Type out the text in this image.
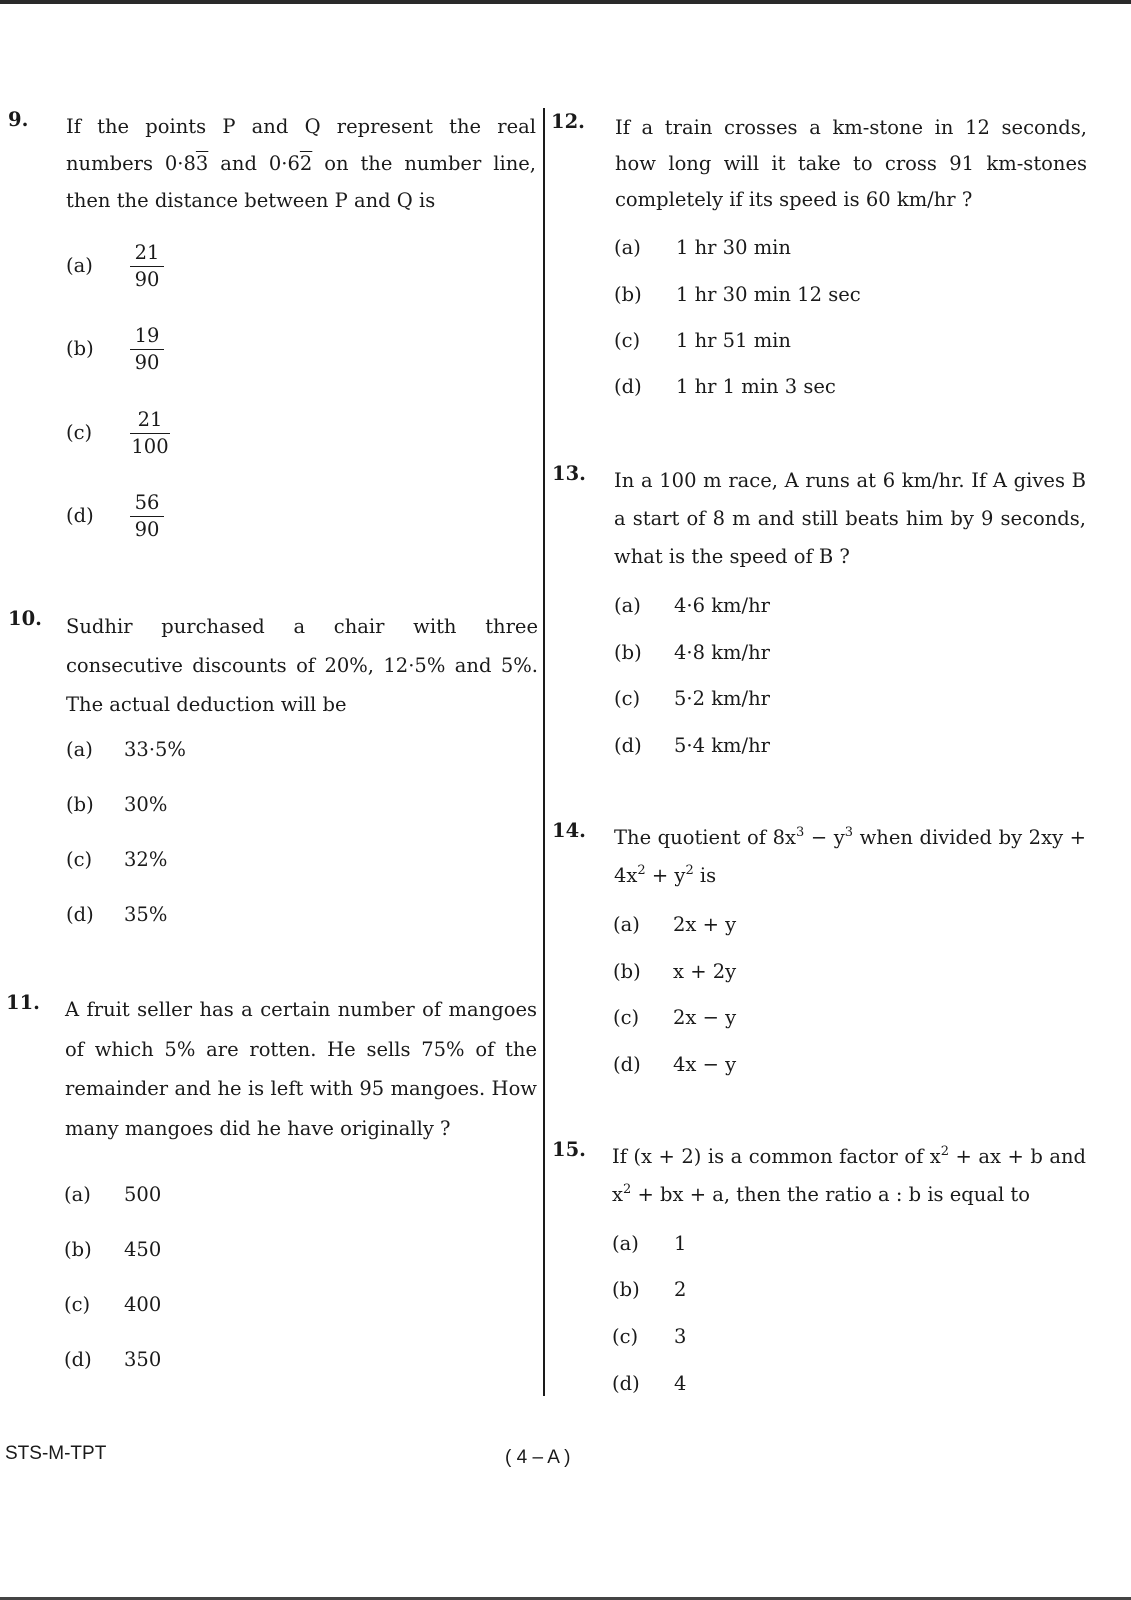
9. If the points P and Q represent the real numbers 0·83 and 0·62 on the number line, then the distance between P and Q is
$(a) \frac{21}{90}$
$(b) \frac{19}{90}$
$(c) \frac{21}{100}$
$(d) \frac{56}{90}$
10. Sudhir purchased a chair with three consecutive discounts of 20%, 12·5% and 5%. The actual deduction will be
(a) 33·5%
(b) 30%
(c) 32%
(d) 35%
11. A fruit seller has a certain number of mangoes of which 5% are rotten. He sells 75% of the remainder and he is left with 95 mangoes. How many mangoes did he have originally ?
(a) 500
(b) 450
(c) 400
(d) 350
12. If a train crosses a km-stone in 12 seconds, how long will it take to cross 91 km-stones completely if its speed is 60 km/hr ?
(a) 1 hr 30 min
(b) 1 hr 30 min 12 sec
(c) 1 hr 51 min
(d) 1 hr 1 min 3 sec
13. In a 100 m race, A runs at 6 km/hr. If A gives B a start of 8 m and still beats him by 9 seconds, what is the speed of B ?
(a) 4·6 km/hr
(b) 4·8 km/hr
(c) 5·2 km/hr
(d) 5·4 km/hr
14. The quotient of $8x^3 - y^3$ when divided by $2xy + 4x^2 + y^2$ is
(a) 2x + y
(b) x + 2y
(c) 2x − y
(d) 4x − y
15. If (x + 2) is a common factor of $x^2$ + ax + b and $x^2$ + bx + a, then the ratio a : b is equal to
(a) 1
(b) 2
(c) 3
(d) 4
STS-M-TPT	( 4 – A )
